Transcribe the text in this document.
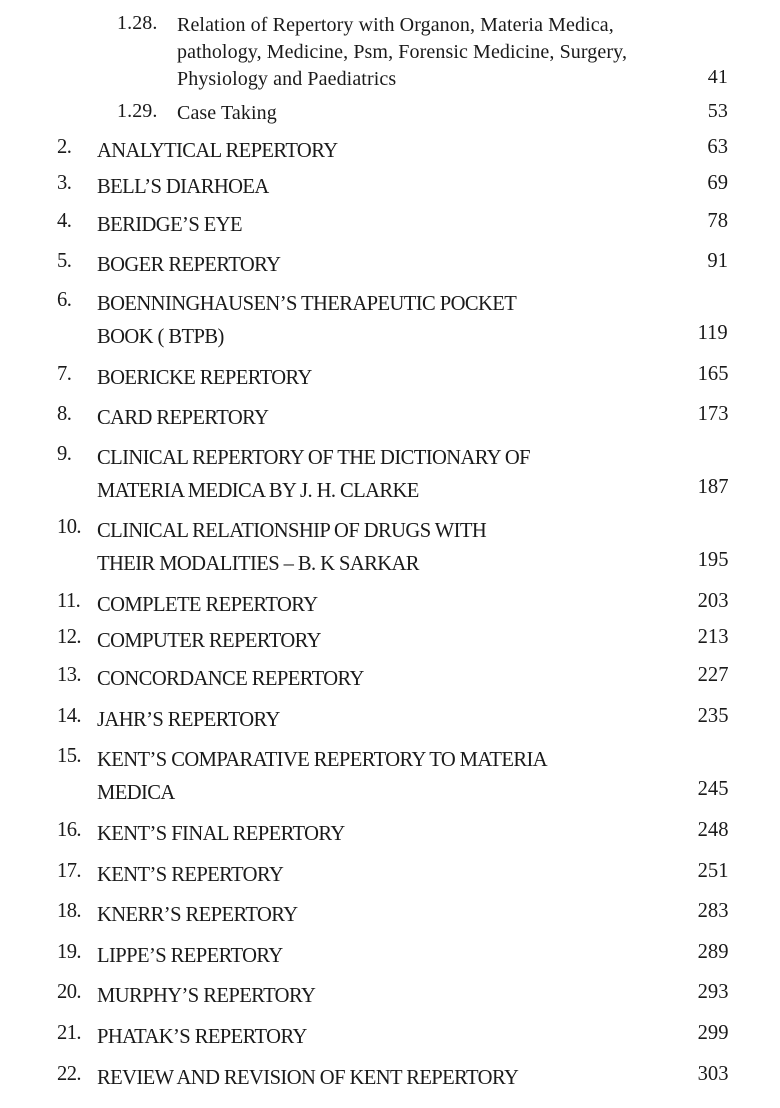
1.28. Relation of Repertory with Organon, Materia Medica,
pathology, Medicine, Psm, Forensic Medicine, Surgery,
Physiology and Paediatrics	41
1.29. Case Taking	53
2. ANALYTICAL REPERTORY	63
3. BELL’S DIARHOEA	69
4. BERIDGE’S EYE	78
5. BOGER REPERTORY	91
6. BOENNINGHAUSEN’S THERAPEUTIC POCKET
BOOK ( BTPB)	119
7. BOERICKE REPERTORY	165
8. CARD REPERTORY	173
9. CLINICAL REPERTORY OF THE DICTIONARY OF
MATERIA MEDICA BY J. H. CLARKE	187
10. CLINICAL RELATIONSHIP OF DRUGS WITH
THEIR MODALITIES – B. K SARKAR	195
11. COMPLETE REPERTORY	203
12. COMPUTER REPERTORY	213
13. CONCORDANCE REPERTORY	227
14. JAHR’S REPERTORY	235
15. KENT’S COMPARATIVE REPERTORY TO MATERIA
MEDICA	245
16. KENT’S FINAL REPERTORY	248
17. KENT’S REPERTORY	251
18. KNERR’S REPERTORY	283
19. LIPPE’S REPERTORY	289
20. MURPHY’S REPERTORY	293
21. PHATAK’S REPERTORY	299
22. REVIEW AND REVISION OF KENT REPERTORY	303
